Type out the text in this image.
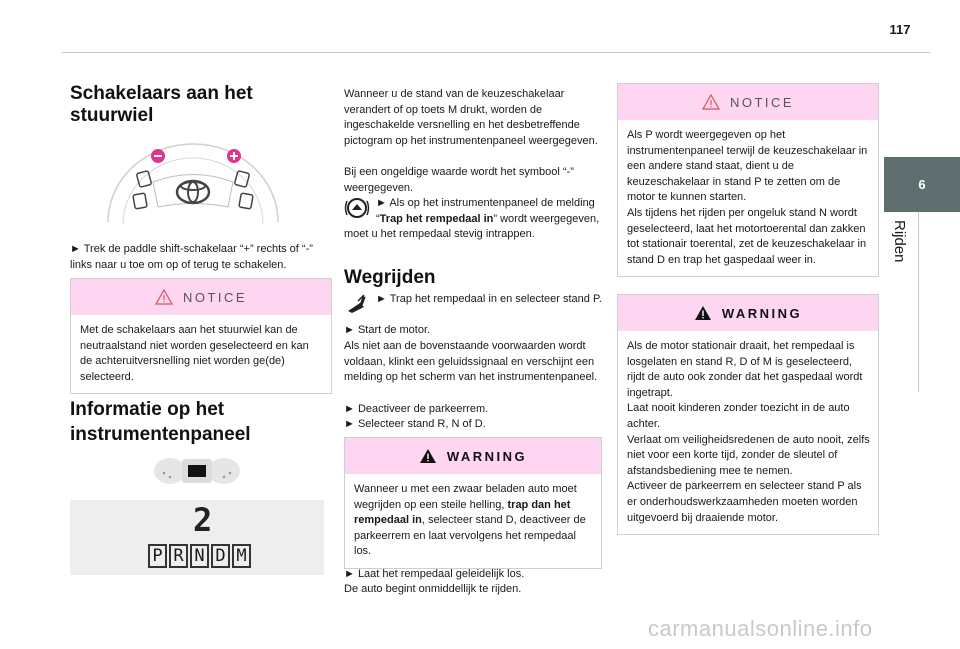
117
6
Rijden
Schakelaars aan het stuurwiel

► Trek de paddle shift-schakelaar “+” rechts of “-” links naar u toe om op of terug te schakelen.

NOTICE
Met de schakelaars aan het stuurwiel kan de neutraalstand niet worden geselecteerd en kan de achteruitversnelling niet worden ge(de) selecteerd.
Informatie op het instrumentenpaneel
2
P R N D M

Wanneer u de stand van de keuzeschakelaar verandert of op toets M drukt, worden de ingeschakelde versnelling en het desbetreffende pictogram op het instrumentenpaneel weergegeven.

Bij een ongeldige waarde wordt het symbool “-” weergegeven.

► Als op het instrumentenpaneel de melding “Trap het rempedaal in” wordt weergegeven, moet u het rempedaal stevig intrappen.
Wegrijden
► Trap het rempedaal in en selecteer stand P.

► Start de motor.

Als niet aan de bovenstaande voorwaarden wordt voldaan, klinkt een geluidssignaal en verschijnt een melding op het scherm van het instrumentenpaneel.

► Deactiveer de parkeerrem.

► Selecteer stand R, N of D.

WARNING
Wanneer u met een zwaar beladen auto moet wegrijden op een steile helling, trap dan het rempedaal in, selecteer stand D, deactiveer de parkeerrem en laat vervolgens het rempedaal los.

► Laat het rempedaal geleidelijk los.

De auto begint onmiddellijk te rijden.

NOTICE
Als P wordt weergegeven op het instrumentenpaneel terwijl de keuzeschakelaar in een andere stand staat, dient u de keuzeschakelaar in stand P te zetten om de motor te kunnen starten.
Als tijdens het rijden per ongeluk stand N wordt geselecteerd, laat het motortoerental dan zakken tot stationair toerental, zet de keuzeschakelaar in stand D en trap het gaspedaal weer in.
WARNING
Als de motor stationair draait, het rempedaal is losgelaten en stand R, D of M is geselecteerd, rijdt de auto ook zonder dat het gaspedaal wordt ingetrapt.
Laat nooit kinderen zonder toezicht in de auto achter.
Verlaat om veiligheidsredenen de auto nooit, zelfs niet voor een korte tijd, zonder de sleutel of afstandsbediening mee te nemen.
Activeer de parkeerrem en selecteer stand P als er onderhoudswerkzaamheden moeten worden uitgevoerd bij draaiende motor.
carmanualsonline.info
